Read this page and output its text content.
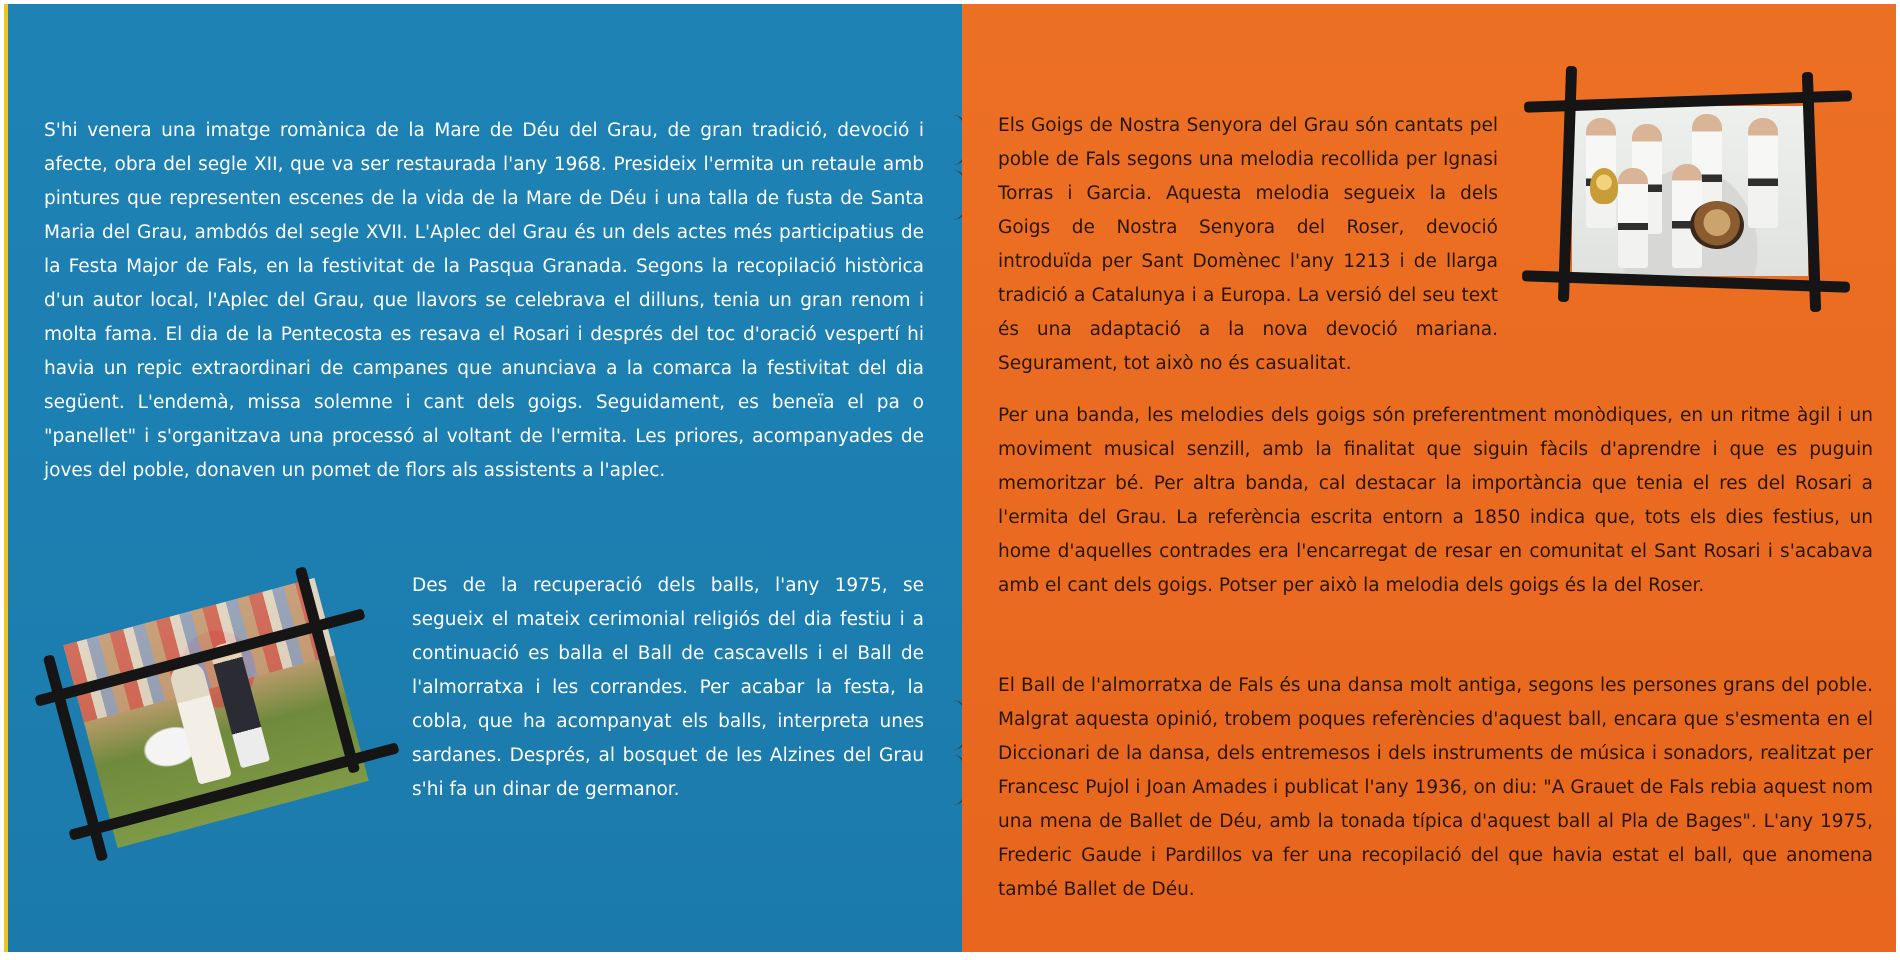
S'hi venera una imatge romànica de la Mare de Déu del Grau, de gran tradició, devoció i afecte, obra del segle XII, que va ser restaurada l'any 1968. Presideix l'ermita un retaule amb pintures que representen escenes de la vida de la Mare de Déu i una talla de fusta de Santa Maria del Grau, ambdós del segle XVII. L'Aplec del Grau és un dels actes més participatius de la Festa Major de Fals, en la festivitat de la Pasqua Granada. Segons la recopilació històrica d'un autor local, l'Aplec del Grau, que llavors se celebrava el dilluns, tenia un gran renom i molta fama. El dia de la Pentecosta es resava el Rosari i després del toc d'oració vespertí hi havia un repic extraordinari de campanes que anunciava a la comarca la festivitat del dia següent. L'endemà, missa solemne i cant dels goigs. Seguidament, es beneïa el pa o "panellet" i s'organitzava una processó al voltant de l'ermita. Les priores, acompanyades de joves del poble, donaven un pomet de flors als assistents a l'aplec.

Des de la recuperació dels balls, l'any 1975, se segueix el mateix cerimonial religiós del dia festiu i a continuació es balla el Ball de cascavells i el Ball de l'almorratxa i les corrandes. Per acabar la festa, la cobla, que ha acompanyat els balls, interpreta unes sardanes. Després, al bosquet de les Alzines del Grau s'hi fa un dinar de germanor.

Els Goigs de Nostra Senyora del Grau són cantats pel poble de Fals segons una melodia recollida per Ignasi Torras i Garcia. Aquesta melodia segueix la dels Goigs de Nostra Senyora del Roser, devoció introduïda per Sant Domènec l'any 1213 i de llarga tradició a Catalunya i a Europa. La versió del seu text és una adaptació a la nova devoció mariana. Segurament, tot això no és casualitat.

Per una banda, les melodies dels goigs són preferentment monòdiques, en un ritme àgil i un moviment musical senzill, amb la finalitat que siguin fàcils d'aprendre i que es puguin memoritzar bé. Per altra banda, cal destacar la importància que tenia el res del Rosari a l'ermita del Grau. La referència escrita entorn a 1850 indica que, tots els dies festius, un home d'aquelles contrades era l'encarregat de resar en comunitat el Sant Rosari i s'acabava amb el cant dels goigs. Potser per això la melodia dels goigs és la del Roser.

El Ball de l'almorratxa de Fals és una dansa molt antiga, segons les persones grans del poble. Malgrat aquesta opinió, trobem poques referències d'aquest ball, encara que s'esmenta en el Diccionari de la dansa, dels entremesos i dels instruments de música i sonadors, realitzat per Francesc Pujol i Joan Amades i publicat l'any 1936, on diu: "A Grauet de Fals rebia aquest nom una mena de Ballet de Déu, amb la tonada típica d'aquest ball al Pla de Bages". L'any 1975, Frederic Gaude i Pardillos va fer una recopilació del que havia estat el ball, que anomena també Ballet de Déu.
